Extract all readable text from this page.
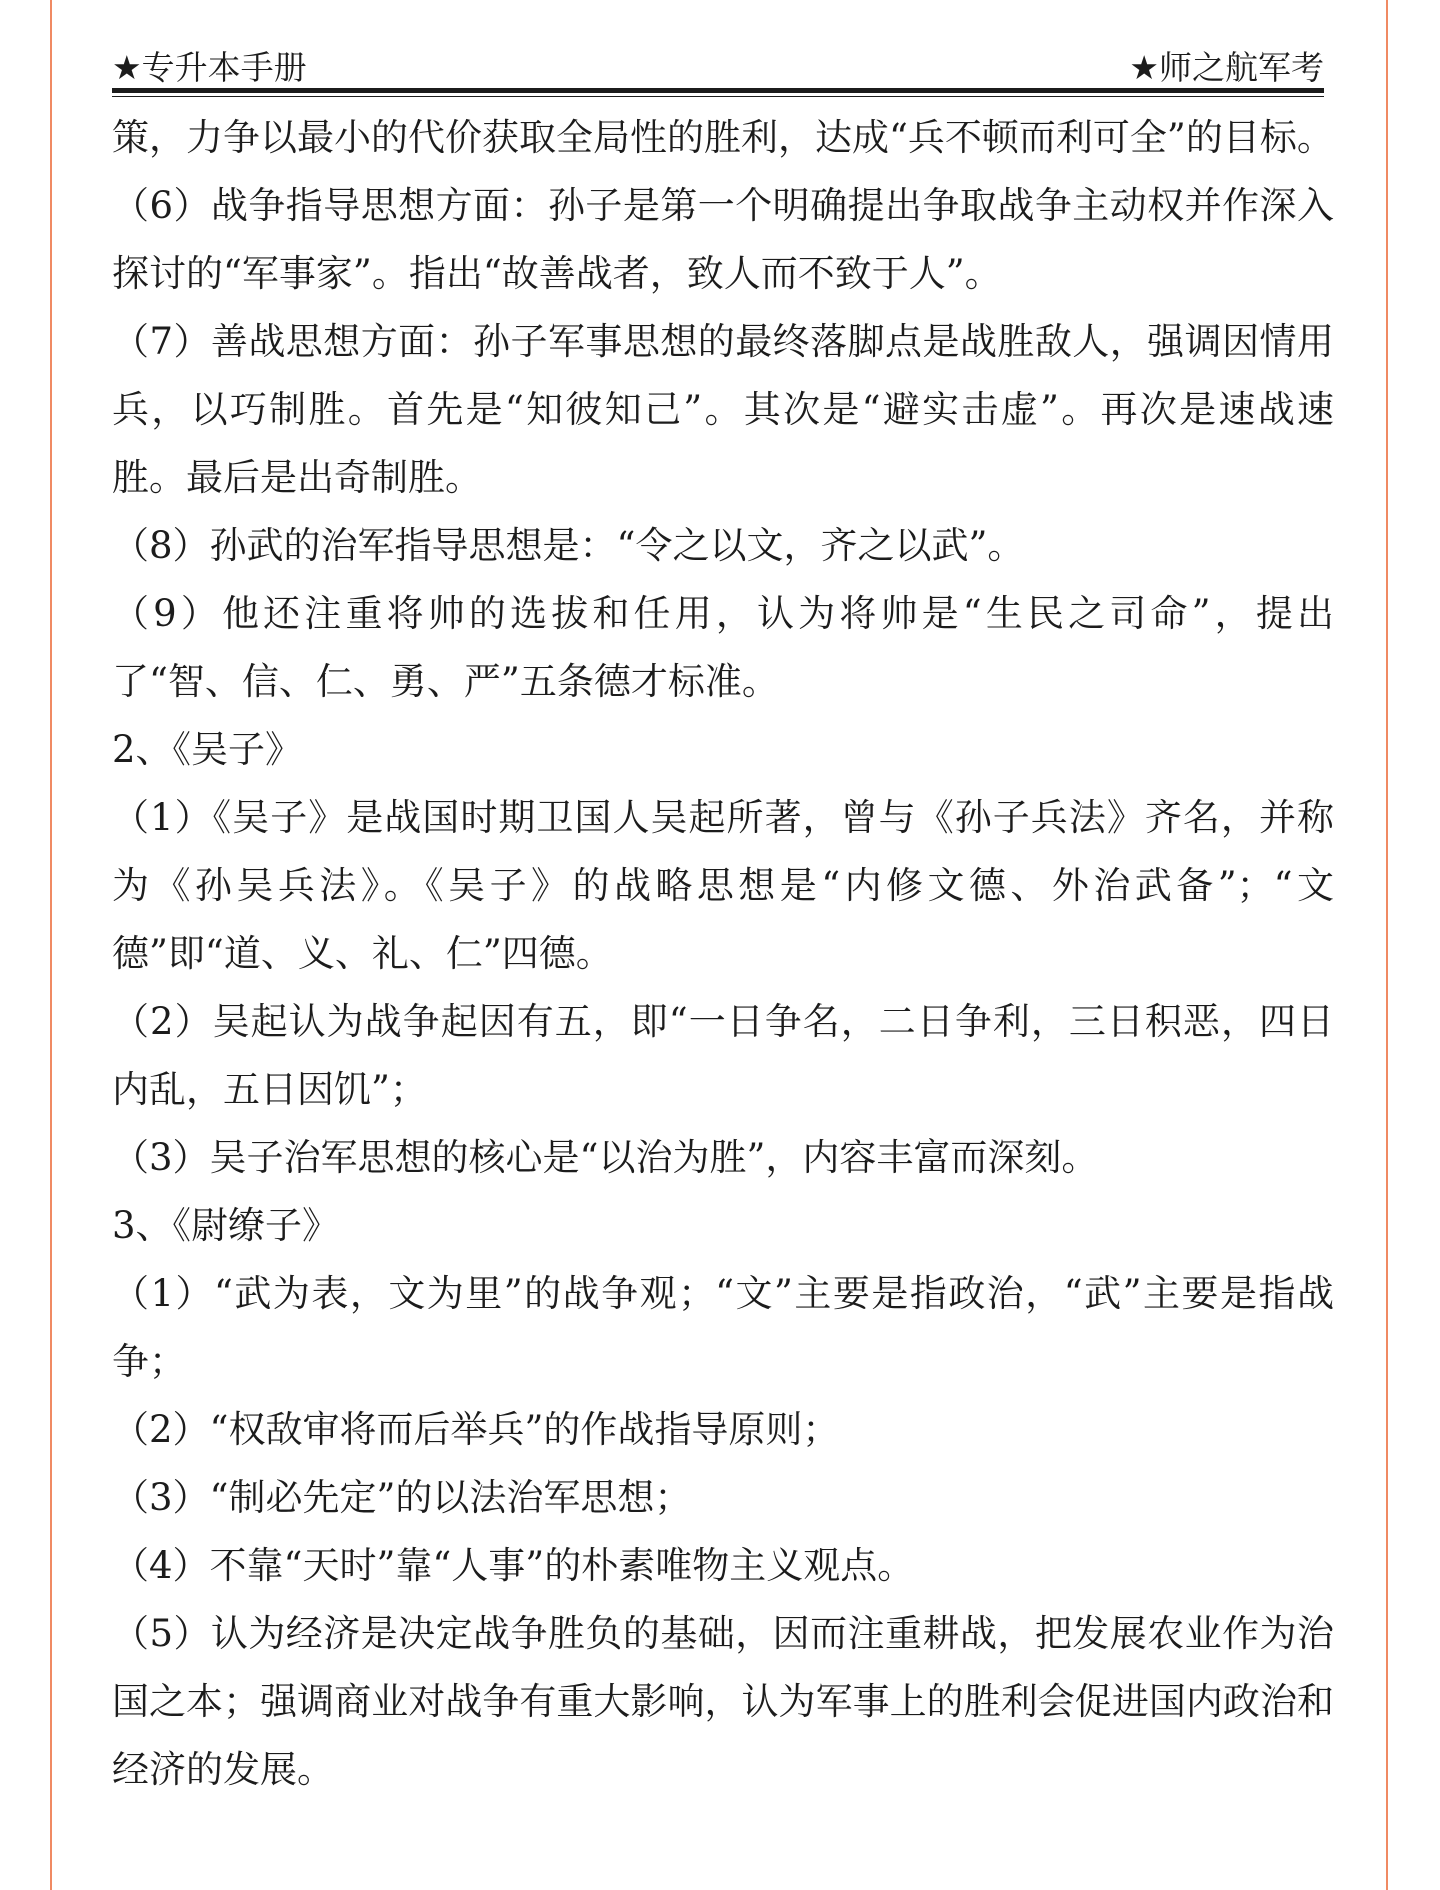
★专升本手册	★师之航军考

策，力争以最小的代价获取全局性的胜利，达成“兵不顿而利可全”的目标。

（6）战争指导思想方面：孙子是第一个明确提出争取战争主动权并作深入探讨的“军事家”。指出“故善战者，致人而不致于人”。

（7）善战思想方面：孙子军事思想的最终落脚点是战胜敌人，强调因情用兵，以巧制胜。首先是“知彼知己”。其次是“避实击虚”。再次是速战速胜。最后是出奇制胜。

（8）孙武的治军指导思想是：“令之以文，齐之以武”。

（9）他还注重将帅的选拔和任用，认为将帅是“生民之司命”，提出了“智、信、仁、勇、严”五条德才标准。

2、《吴子》

（1）《吴子》是战国时期卫国人吴起所著，曾与《孙子兵法》齐名，并称为《孙吴兵法》。《吴子》的战略思想是“内修文德、外治武备”；“文德”即“道、义、礼、仁”四德。

（2）吴起认为战争起因有五，即“一日争名，二日争利，三日积恶，四日内乱，五日因饥”；

（3）吴子治军思想的核心是“以治为胜”，内容丰富而深刻。

3、《尉缭子》

（1）“武为表，文为里”的战争观；“文”主要是指政治，“武”主要是指战争；

（2）“权敌审将而后举兵”的作战指导原则；

（3）“制必先定”的以法治军思想；

（4）不靠“天时”靠“人事”的朴素唯物主义观点。

（5）认为经济是决定战争胜负的基础，因而注重耕战，把发展农业作为治国之本；强调商业对战争有重大影响，认为军事上的胜利会促进国内政治和经济的发展。
